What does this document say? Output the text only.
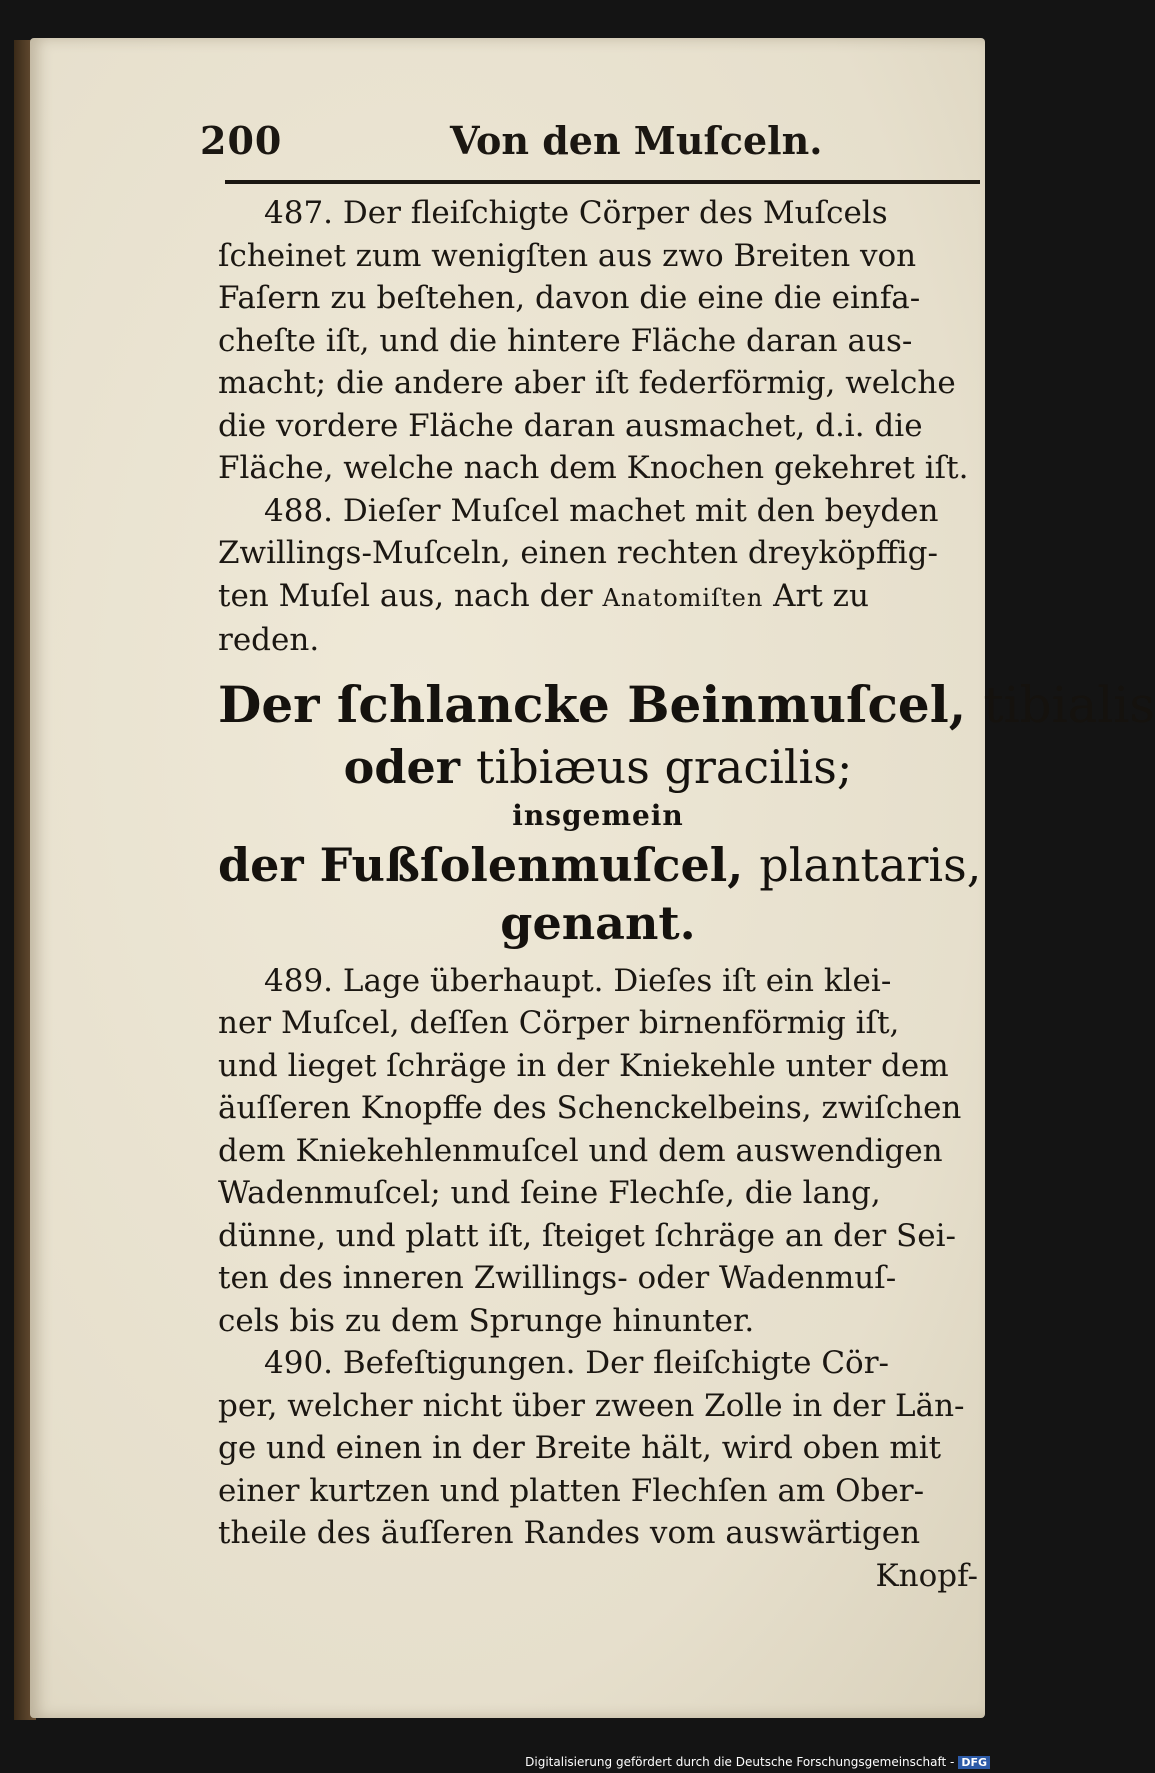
200	Von den Muſceln.
487. Der fleiſchigte Cörper des Muſcels
ſcheinet zum wenigſten aus zwo Breiten von
Faſern zu beſtehen, davon die eine die einfa-
cheſte iſt, und die hintere Fläche daran aus-
macht; die andere aber iſt federförmig, welche
die vordere Fläche daran ausmachet, d.i. die
Fläche, welche nach dem Knochen gekehret iſt.
488. Dieſer Muſcel machet mit den beyden
Zwillings-Muſceln, einen rechten dreyköpffig-
ten Muſel aus, nach der Anatomiſten Art zu
reden.
Der ſchlancke Beinmuſcel, tibialis
oder tibiæus gracilis;
insgemein
der Fußſolenmuſcel, plantaris,
genant.
489. Lage überhaupt. Dieſes iſt ein klei-
ner Muſcel, deſſen Cörper birnenförmig iſt,
und lieget ſchräge in der Kniekehle unter dem
äuſſeren Knopffe des Schenckelbeins, zwiſchen
dem Kniekehlenmuſcel und dem auswendigen
Wadenmuſcel; und ſeine Flechſe, die lang,
dünne, und platt iſt, ſteiget ſchräge an der Sei-
ten des inneren Zwillings- oder Wadenmuſ-
cels bis zu dem Sprunge hinunter.
490. Befeſtigungen. Der fleiſchigte Cör-
per, welcher nicht über zween Zolle in der Län-
ge und einen in der Breite hält, wird oben mit
einer kurtzen und platten Flechſen am Ober-
theile des äuſſeren Randes vom auswärtigen
Knopf-
Digitalisierung gefördert durch die Deutsche Forschungsgemeinschaft - DFG
